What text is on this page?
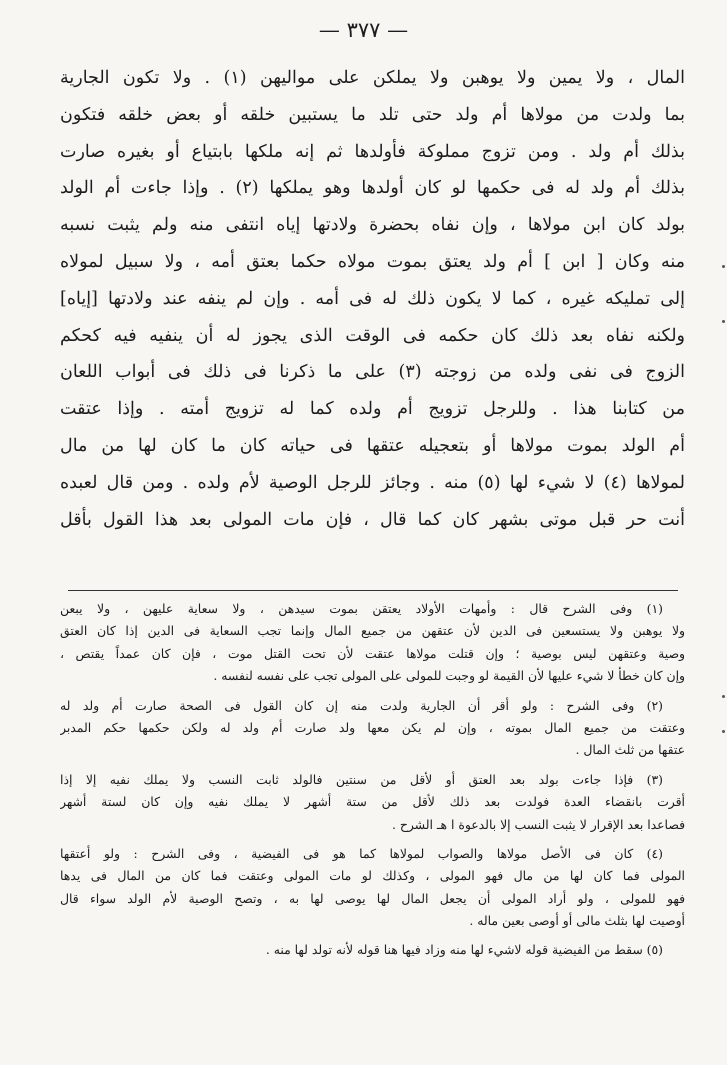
— ٣٧٧ —
المال ، ولا يمين ولا يوهبن ولا يملكن على مواليهن (١) . ولا تكون الجارية
بما ولدت من مولاها أم ولد حتى تلد ما يستبين خلقه أو بعض خلقه فتكون
بذلك أم ولد . ومن تزوج مملوكة فأولدها ثم إنه ملكها بابتياع أو بغيره صارت
بذلك أم ولد له فى حكمها لو كان أولدها وهو يملكها (٢) . وإذا جاءت أم الولد
بولد كان ابن مولاها ، وإن نفاه بحضرة ولادتها إياه انتفى منه ولم يثبت نسبه
منه وكان [ ابن ] أم ولد يعتق بموت مولاه حكما بعتق أمه ، ولا سبيل لمولاه
إلى تمليكه غيره ، كما لا يكون ذلك له فى أمه . وإن لم ينفه عند ولادتها [إياه]
ولكنه نفاه بعد ذلك كان حكمه فى الوقت الذى يجوز له أن ينفيه فيه كحكم
الزوج فى نفى ولده من زوجته (٣) على ما ذكرنا فى ذلك فى أبواب اللعان
من كتابنا هذا . وللرجل تزويج أم ولده كما له تزويج أمته . وإذا عتقت
أم الولد بموت مولاها أو بتعجيله عتقها فى حياته كان ما كان لها من مال
لمولاها (٤) لا شيء لها (٥) منه . وجائز للرجل الوصية لأم ولده . ومن قال لعبده
أنت حر قبل موتى بشهر كان كما قال ، فإن مات المولى بعد هذا القول بأقل
(١) وفى الشرح قال : وأمهات الأولاد يعتقن بموت سيدهن ، ولا سعاية عليهن ، ولا يبعن
ولا يوهبن ولا يستسعين فى الدين لأن عتقهن من جميع المال وإنما تجب السعاية فى الدين إذا كان العتق
وصية وعتقهن ليس بوصية ؛ وإن قتلت مولاها عتقت لأن تحت القتل موت ، فإن كان عمداً يقتص ،
وإن كان خطأ لا شيء عليها لأن القيمة لو وجبت للمولى على المولى تجب على نفسه لنفسه .
(٢) وفى الشرح : ولو أقر أن الجارية ولدت منه إن كان القول فى الصحة صارت أم ولد له
وعتقت من جميع المال بموته ، وإن لم يكن معها ولد صارت أم ولد له ولكن حكمها حكم المدبر
عتقها من ثلث المال .
(٣) فإذا جاءت بولد بعد العتق أو لأقل من سنتين فالولد ثابت النسب ولا يملك نفيه إلا إذا
أقرت بانقضاء العدة فولدت بعد ذلك لأقل من ستة أشهر لا يملك نفيه وإن كان لستة أشهر
فصاعدا بعد الإقرار لا يثبت النسب إلا بالدعوة ا هـ الشرح .
(٤) كان فى الأصل مولاها والصواب لمولاها كما هو فى الفيضية ، وفى الشرح : ولو أعتقها
المولى فما كان لها من مال فهو المولى ، وكذلك لو مات المولى وعتقت فما كان من المال فى يدها
فهو للمولى ، ولو أراد المولى أن يجعل المال لها يوصى لها به ، وتصح الوصية لأم الولد سواء قال
أوصيت لها بثلث مالى أو أوصى بعين ماله .
(٥) سقط من الفيضية قوله لاشيء لها منه وزاد فيها هنا قوله لأنه تولد لها منه .
